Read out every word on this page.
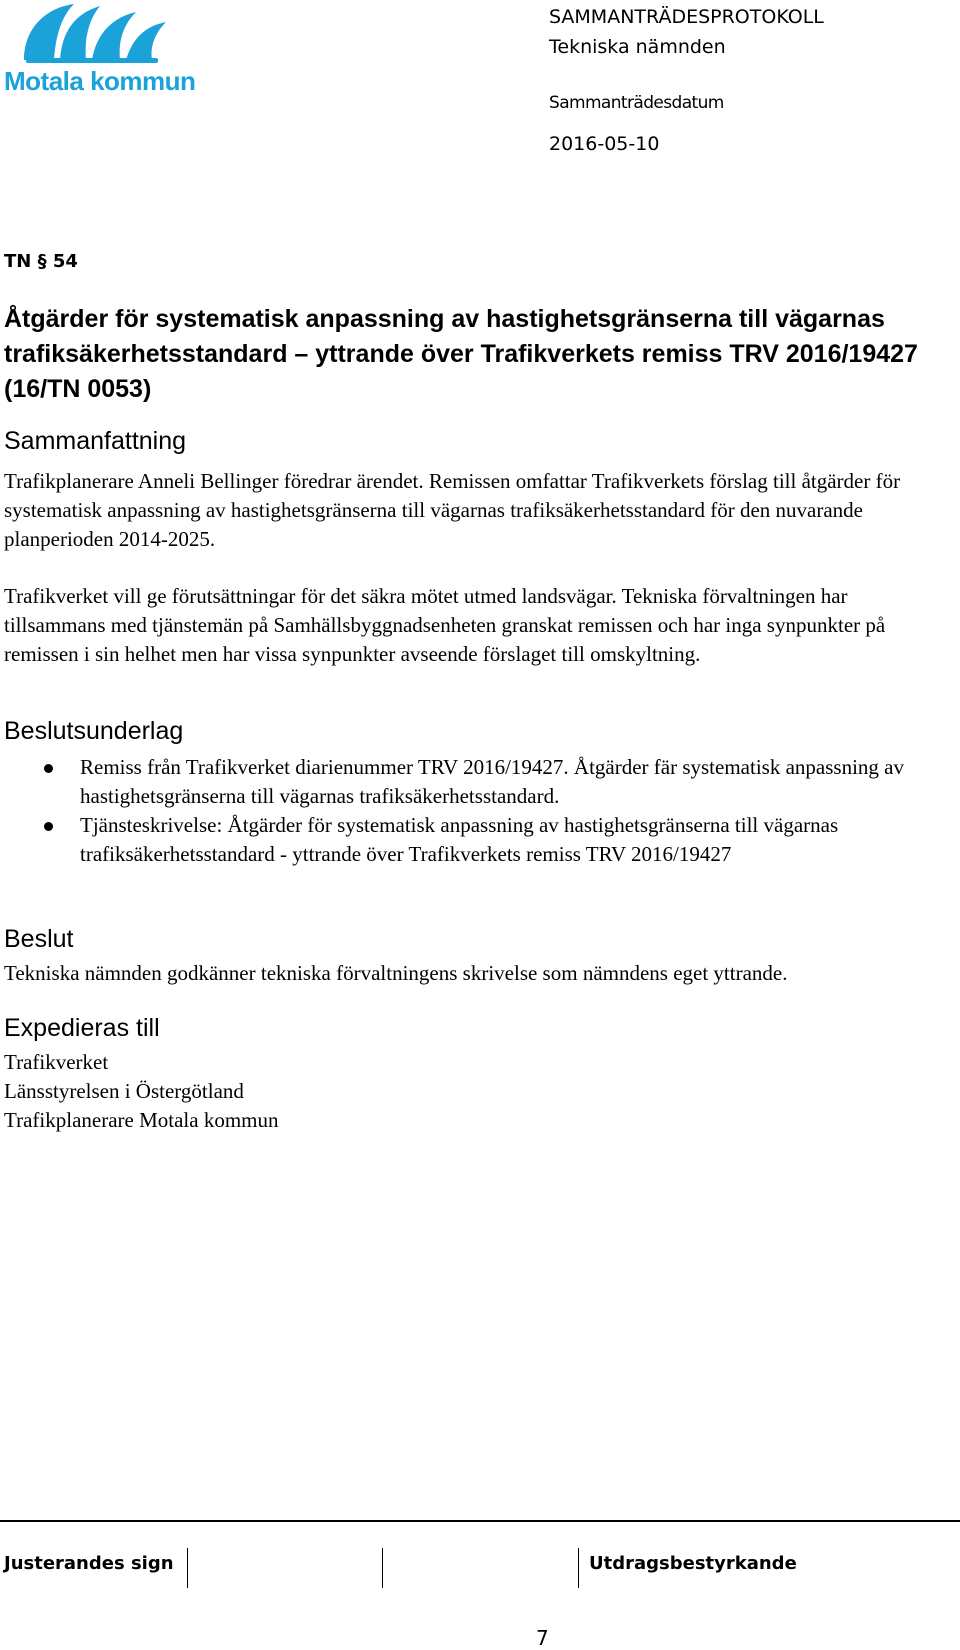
Motala kommun
SAMMANTRÄDESPROTOKOLL
Tekniska nämnden
Sammanträdesdatum
2016-05-10
TN § 54
Åtgärder för systematisk anpassning av hastighetsgränserna till vägarnas trafiksäkerhetsstandard – yttrande över Trafikverkets remiss TRV 2016/19427 (16/TN 0053)
Sammanfattning
Trafikplanerare Anneli Bellinger föredrar ärendet. Remissen omfattar Trafikverkets förslag till åtgärder för systematisk anpassning av hastighetsgränserna till vägarnas trafiksäkerhetsstandard för den nuvarande planperioden 2014-2025.
Trafikverket vill ge förutsättningar för det säkra mötet utmed landsvägar. Tekniska förvaltningen har tillsammans med tjänstemän på Samhällsbyggnadsenheten granskat remissen och har inga synpunkter på remissen i sin helhet men har vissa synpunkter avseende förslaget till omskyltning.
Beslutsunderlag
Remiss från Trafikverket diarienummer TRV 2016/19427. Åtgärder fär systematisk anpassning av hastighetsgränserna till vägarnas trafiksäkerhetsstandard.
Tjänsteskrivelse: Åtgärder för systematisk anpassning av hastighetsgränserna till vägarnas trafiksäkerhetsstandard - yttrande över Trafikverkets remiss TRV 2016/19427
Beslut
Tekniska nämnden godkänner tekniska förvaltningens skrivelse som nämndens eget yttrande.
Expedieras till
Trafikverket
Länsstyrelsen i Östergötland
Trafikplanerare Motala kommun
Justerandes sign	Utdragsbestyrkande
7
